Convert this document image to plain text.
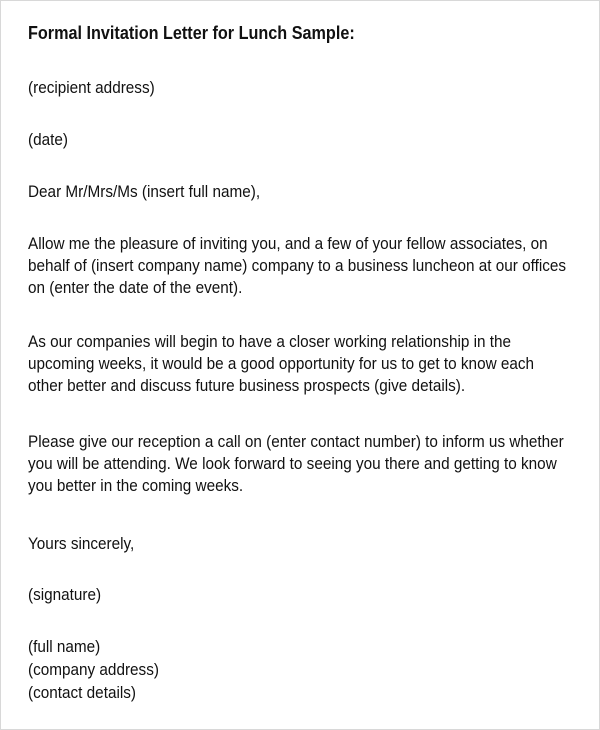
Formal Invitation Letter for Lunch Sample:

(recipient address)

(date)

Dear Mr/Mrs/Ms (insert full name),

Allow me the pleasure of inviting you, and a few of your fellow associates, on

behalf of (insert company name) company to a business luncheon at our offices

on (enter the date of the event).

As our companies will begin to have a closer working relationship in the

upcoming weeks, it would be a good opportunity for us to get to know each

other better and discuss future business prospects (give details).

Please give our reception a call on (enter contact number) to inform us whether

you will be attending. We look forward to seeing you there and getting to know

you better in the coming weeks.

Yours sincerely,

(signature)

(full name)

(company address)

(contact details)
